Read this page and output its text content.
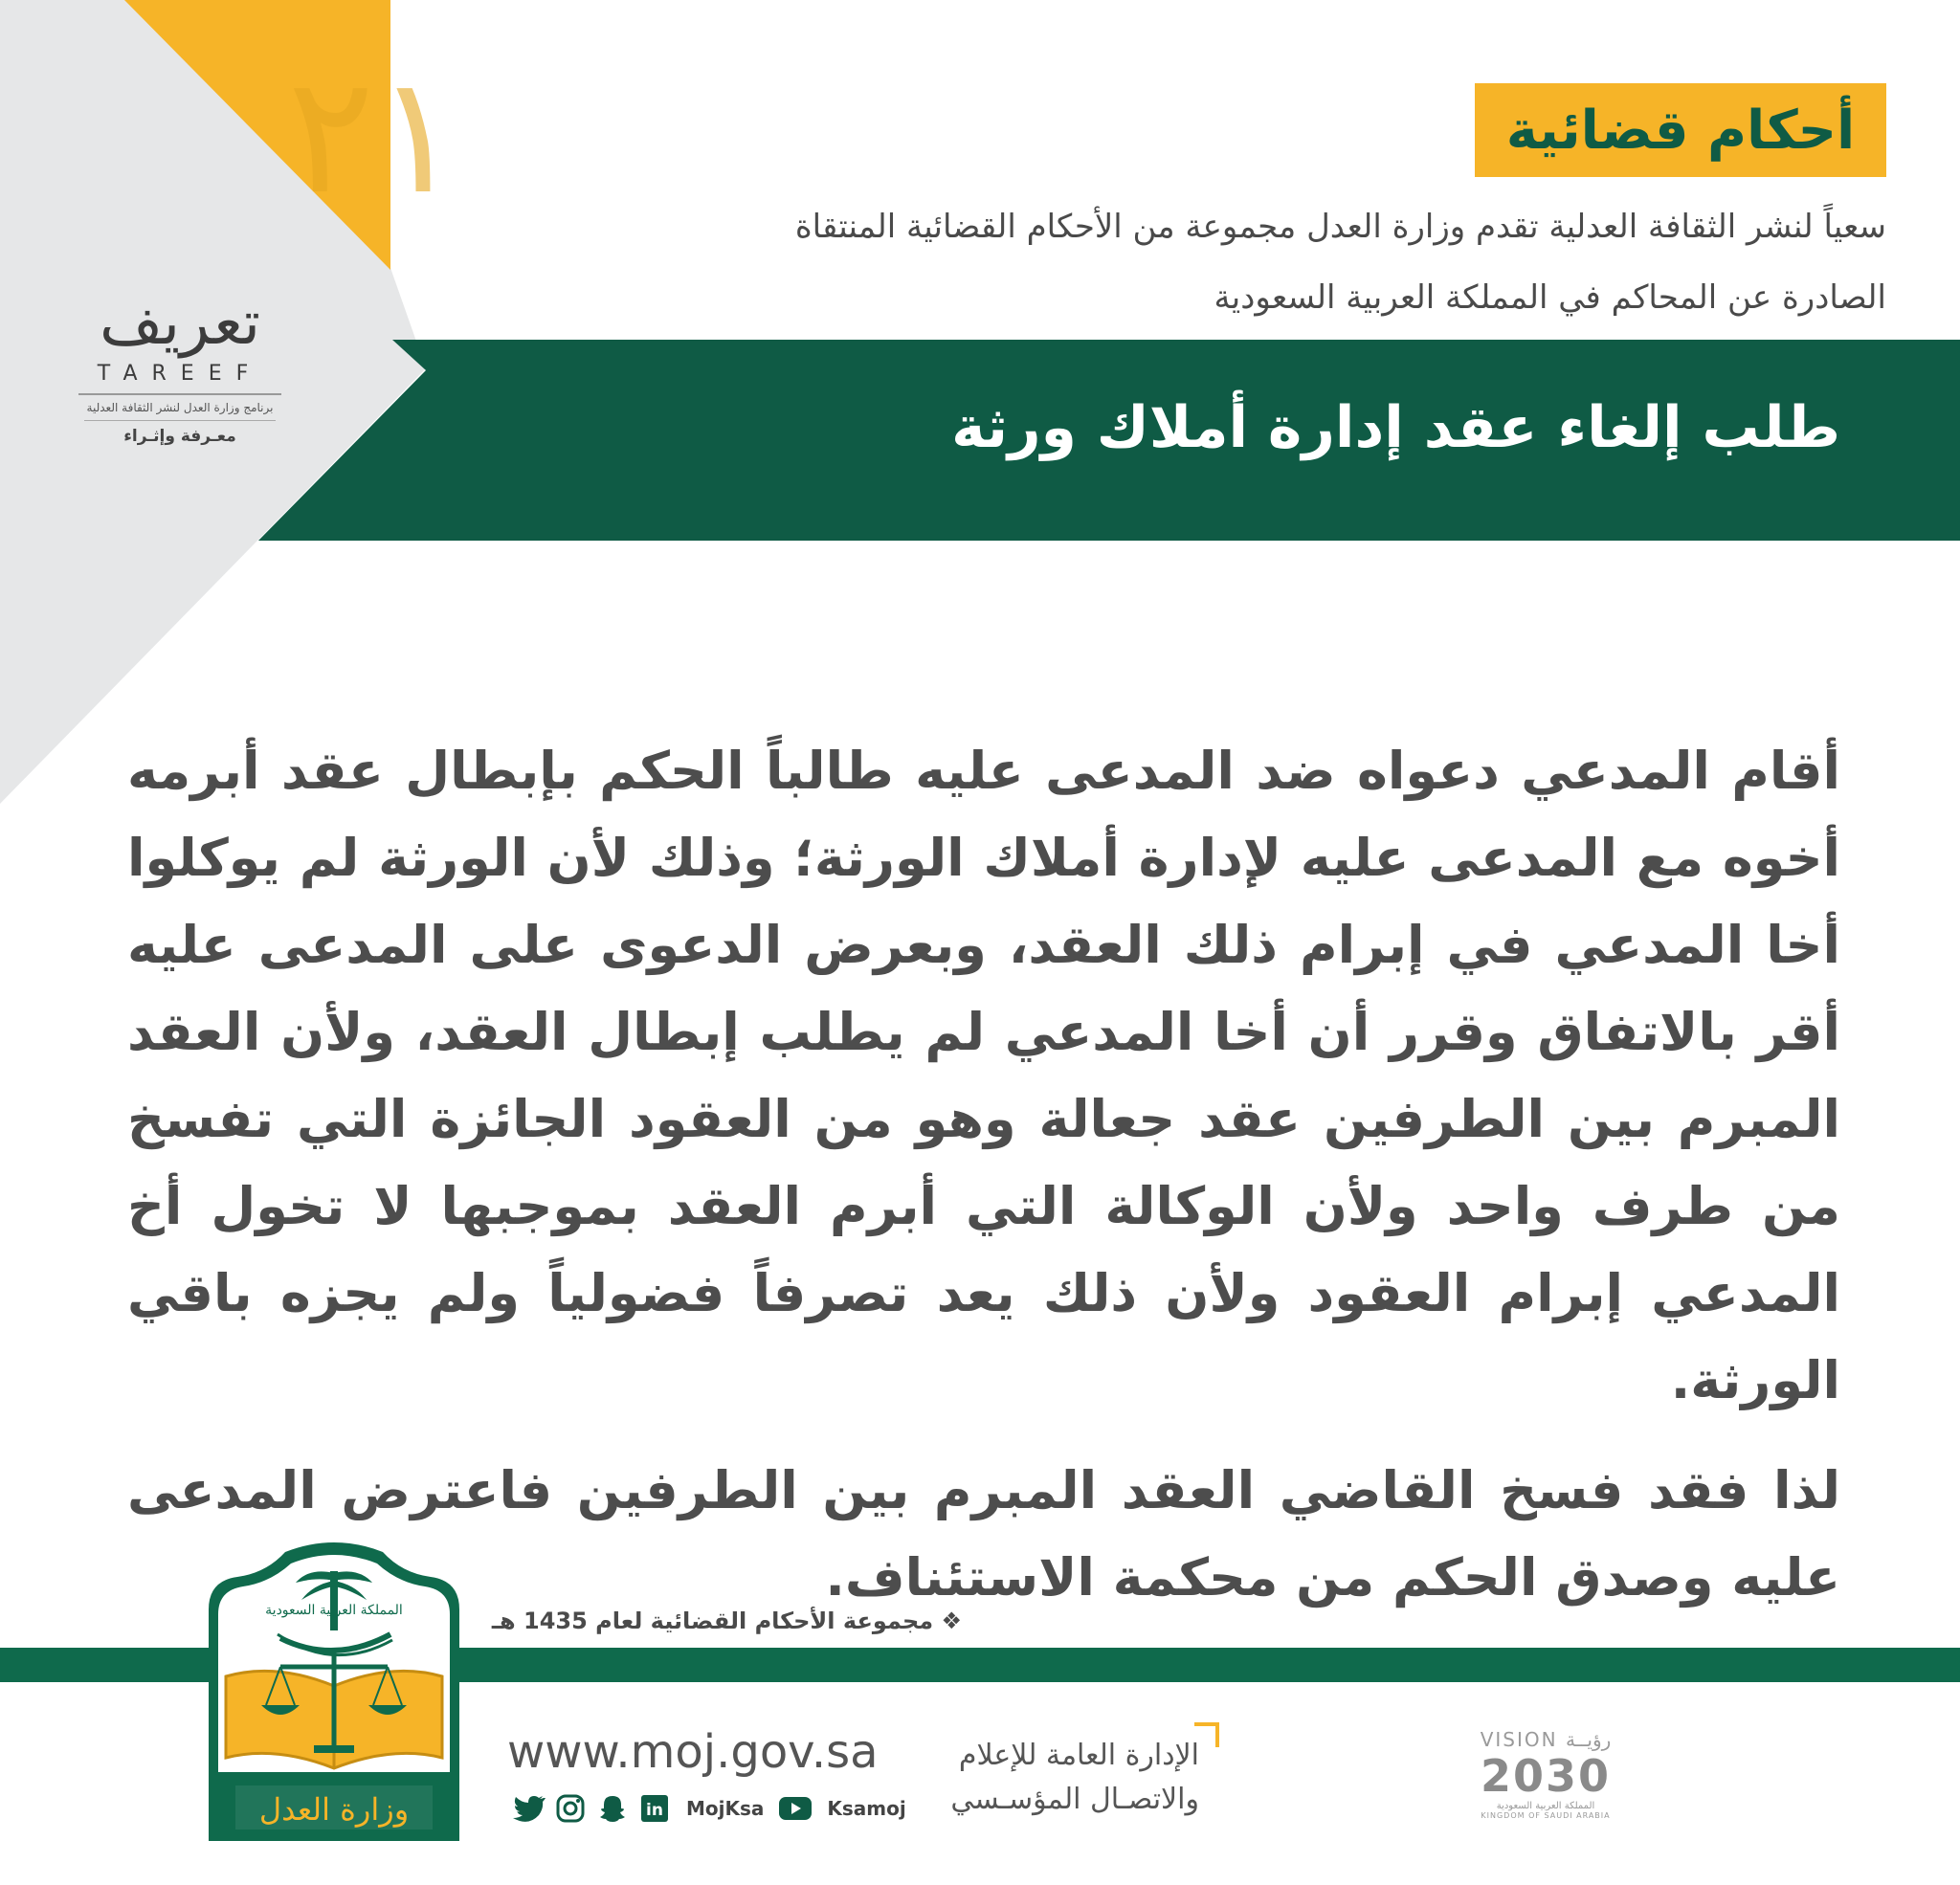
٢١
تعريف
TAREEF
برنامج وزارة العدل لنشر الثقافة العدلية
معـرفة وإثـراء
أحكام قضائية
سعياً لنشر الثقافة العدلية تقدم وزارة العدل مجموعة من الأحكام القضائية المنتقاة
الصادرة عن المحاكم في المملكة العربية السعودية
طلب إلغاء عقد إدارة أملاك ورثة
أقام المدعي دعواه ضد المدعى عليه طالباً الحكم بإبطال عقد أبرمه أخوه مع المدعى عليه لإدارة أملاك الورثة؛ وذلك لأن الورثة لم يوكلوا أخا المدعي في إبرام ذلك العقد، وبعرض الدعوى على المدعى عليه أقر بالاتفاق وقرر أن أخا المدعي لم يطلب إبطال العقد، ولأن العقد المبرم بين الطرفين عقد جعالة وهو من العقود الجائزة التي تفسخ من طرف واحد ولأن الوكالة التي أبرم العقد بموجبها لا تخول أخ المدعي إبرام العقود ولأن ذلك يعد تصرفاً فضولياً ولم يجزه باقي الورثة.
لذا فقد فسخ القاضي العقد المبرم بين الطرفين فاعترض المدعى عليه وصدق الحكم من محكمة الاستئناف.
❖ مجموعة الأحكام القضائية لعام 1435 هـ
المملكة العربية السعودية
وزارة العدل
www.moj.gov.sa
in MojKsa	Ksamoj
الإدارة العامة للإعلام
والاتصـال المؤسـسي
VISION رؤيــة
2030
المملكة العربية السعودية
KINGDOM OF SAUDI ARABIA
